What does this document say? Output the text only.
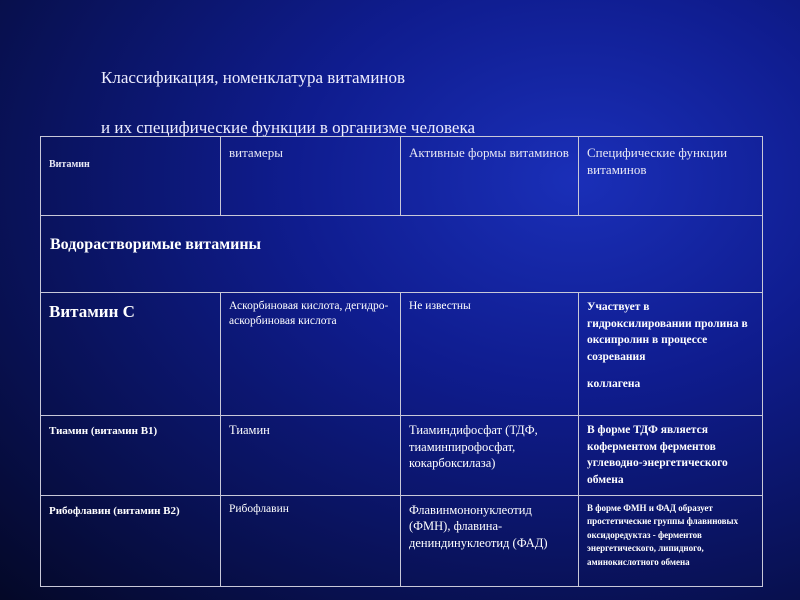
Классификация, номенклатура витаминов
и их специфические функции в организме человека
Витамин	витамеры	Активные формы витаминов	Специфические функции витаминов

Водорастворимые витамины			

Витамин С	Аскорбиновая кислота, дегидро-аскорбиновая кислота	Не известны	Участвует в гидроксилировании пролина в оксипролин в процессе созревания
коллагена

Тиамин (витамин В1)	Тиамин	Тиаминдифосфат (ТДФ, тиаминпирофосфат, кокарбоксилаза)	В форме ТДФ является коферментом ферментов углеводно-энергетического обмена

Рибофлавин (витамин В2)	Рибофлавин	Флавинмононуклеотид (ФМН), флавина-дениндинуклеотид (ФАД)	В форме ФМН и ФАД образует простетические группы флавиновых оксидоредуктаз - ферментов энергетического, липидного, аминокислотного обмена
